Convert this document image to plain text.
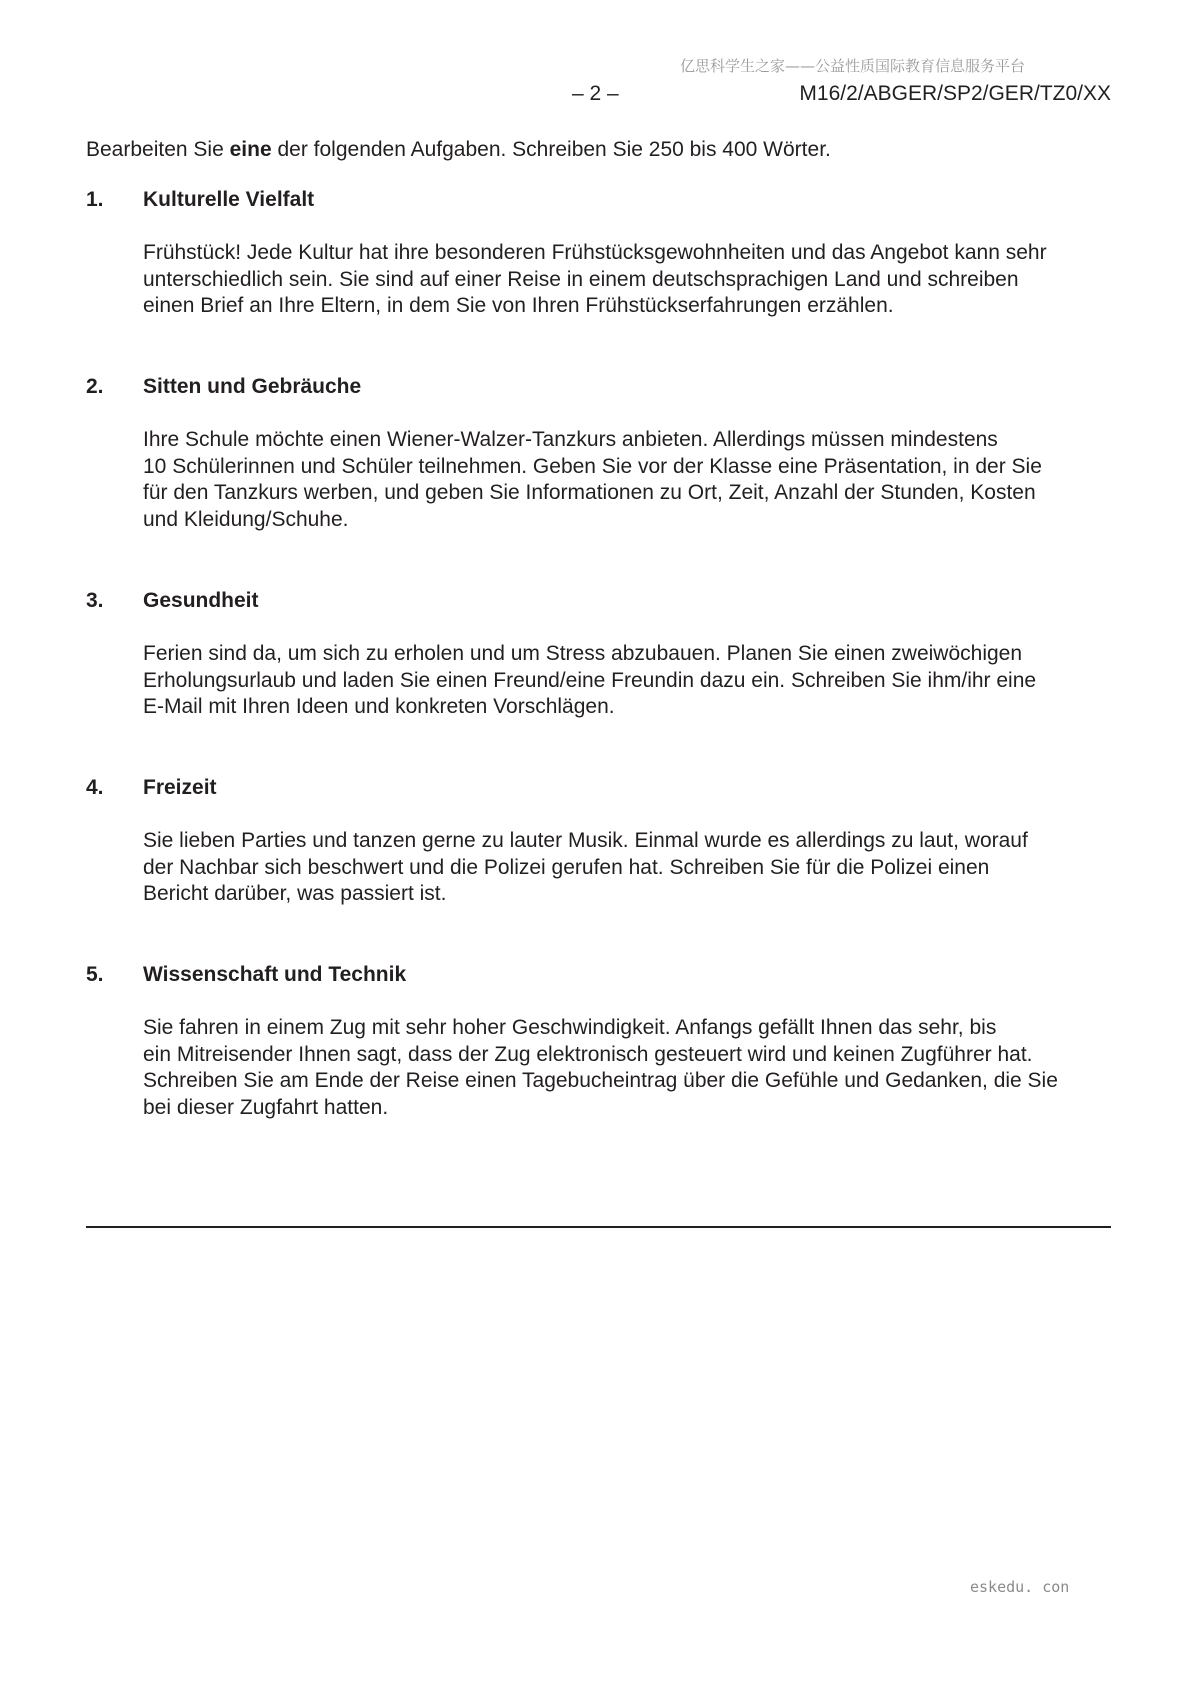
亿思科学生之家——公益性质国际教育信息服务平台
– 2 –	M16/2/ABGER/SP2/GER/TZ0/XX
Bearbeiten Sie eine der folgenden Aufgaben. Schreiben Sie 250 bis 400 Wörter.
1. Kulturelle Vielfalt
Frühstück! Jede Kultur hat ihre besonderen Frühstücksgewohnheiten und das Angebot kann sehr
unterschiedlich sein. Sie sind auf einer Reise in einem deutschsprachigen Land und schreiben
einen Brief an Ihre Eltern, in dem Sie von Ihren Frühstückserfahrungen erzählen.
2. Sitten und Gebräuche
Ihre Schule möchte einen Wiener-Walzer-Tanzkurs anbieten. Allerdings müssen mindestens
10 Schülerinnen und Schüler teilnehmen. Geben Sie vor der Klasse eine Präsentation, in der Sie
für den Tanzkurs werben, und geben Sie Informationen zu Ort, Zeit, Anzahl der Stunden, Kosten
und Kleidung/Schuhe.
3. Gesundheit
Ferien sind da, um sich zu erholen und um Stress abzubauen. Planen Sie einen zweiwöchigen
Erholungsurlaub und laden Sie einen Freund/eine Freundin dazu ein. Schreiben Sie ihm/ihr eine
E-Mail mit Ihren Ideen und konkreten Vorschlägen.
4. Freizeit
Sie lieben Parties und tanzen gerne zu lauter Musik. Einmal wurde es allerdings zu laut, worauf
der Nachbar sich beschwert und die Polizei gerufen hat. Schreiben Sie für die Polizei einen
Bericht darüber, was passiert ist.
5. Wissenschaft und Technik
Sie fahren in einem Zug mit sehr hoher Geschwindigkeit. Anfangs gefällt Ihnen das sehr, bis
ein Mitreisender Ihnen sagt, dass der Zug elektronisch gesteuert wird und keinen Zugführer hat.
Schreiben Sie am Ende der Reise einen Tagebucheintrag über die Gefühle und Gedanken, die Sie
bei dieser Zugfahrt hatten.
eskedu. con
